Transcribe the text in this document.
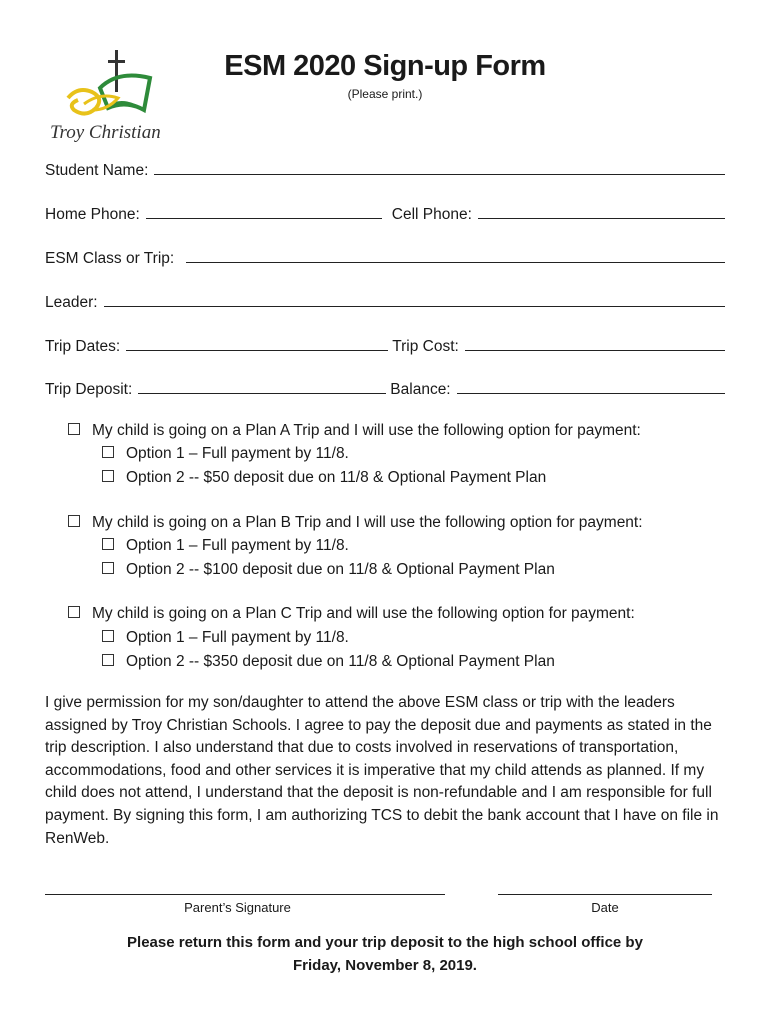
Troy Christian
ESM 2020 Sign-up Form
(Please print.)
Student Name:
Home Phone:	Cell Phone:
ESM Class or Trip:
Leader:
Trip Dates:	Trip Cost:
Trip Deposit:	Balance:
My child is going on a Plan A Trip and I will use the following option for payment:
Option 1 – Full payment by 11/8.
Option 2 -- $50 deposit due on 11/8 & Optional Payment Plan
My child is going on a Plan B Trip and I will use the following option for payment:
Option 1 – Full payment by 11/8.
Option 2 -- $100 deposit due on 11/8 & Optional Payment Plan
My child is going on a Plan C Trip and will use the following option for payment:
Option 1 – Full payment by 11/8.
Option 2 -- $350 deposit due on 11/8 & Optional Payment Plan
I give permission for my son/daughter to attend the above ESM class or trip with the leaders assigned by Troy Christian Schools. I agree to pay the deposit due and payments as stated in the trip description. I also understand that due to costs involved in reservations of transportation, accommodations, food and other services it is imperative that my child attends as planned. If my child does not attend, I understand that the deposit is non-refundable and I am responsible for full payment. By signing this form, I am authorizing TCS to debit the bank account that I have on file in RenWeb.
Parent’s Signature	Date
Please return this form and your trip deposit to the high school office by
Friday, November 8, 2019.
